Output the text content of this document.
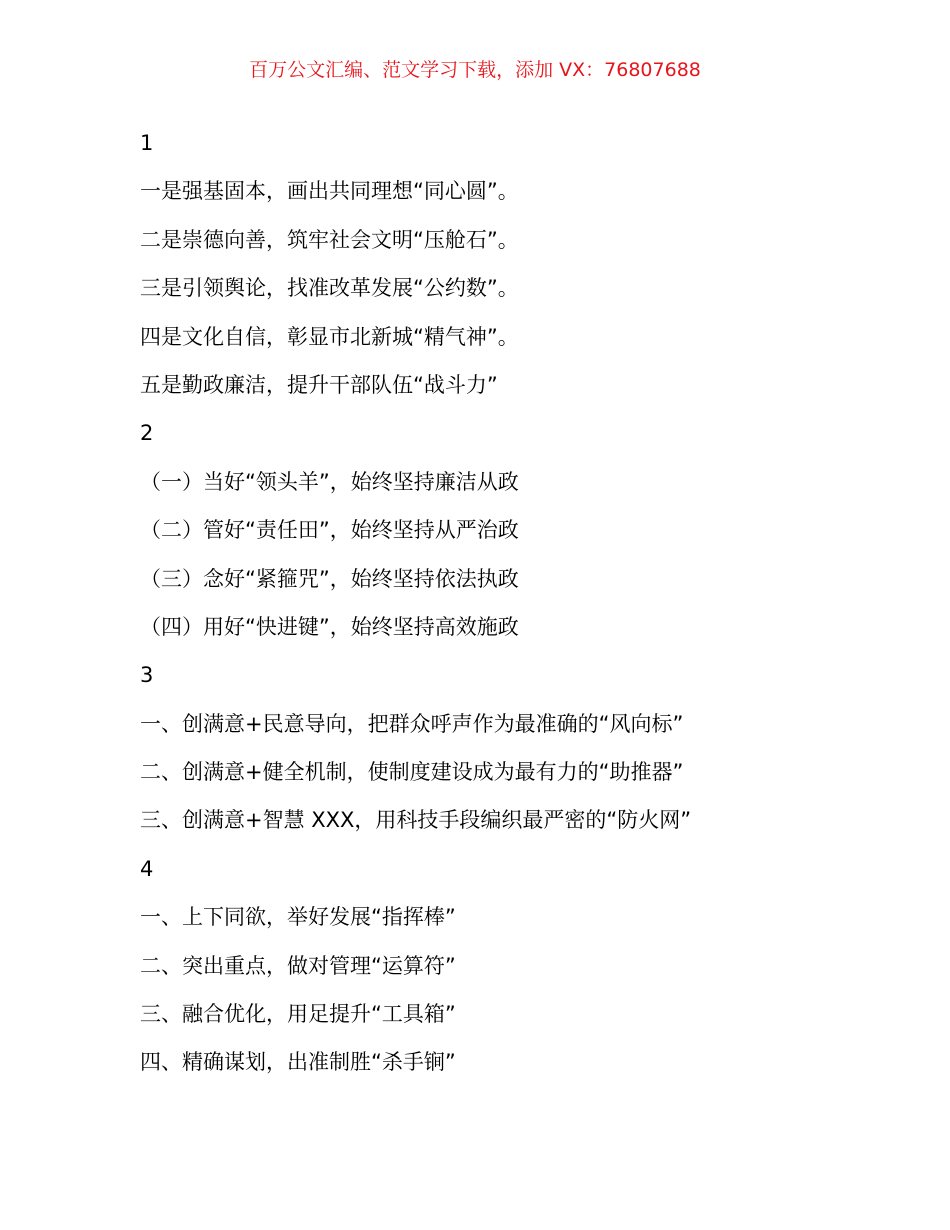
百万公文汇编、范文学习下载，添加 VX：76807688
1
一是强基固本，画出共同理想“同心圆”。
二是崇德向善，筑牢社会文明“压舱石”。
三是引领舆论，找准改革发展“公约数”。
四是文化自信，彰显市北新城“精气神”。
五是勤政廉洁，提升干部队伍“战斗力”
2
（一）当好“领头羊”，始终坚持廉洁从政
（二）管好“责任田”，始终坚持从严治政
（三）念好“紧箍咒”，始终坚持依法执政
（四）用好“快进键”，始终坚持高效施政
3
一、创满意+民意导向，把群众呼声作为最准确的“风向标”
二、创满意+健全机制，使制度建设成为最有力的“助推器”
三、创满意+智慧 XXX，用科技手段编织最严密的“防火网”
4
一、上下同欲，举好发展“指挥棒”
二、突出重点，做对管理“运算符”
三、融合优化，用足提升“工具箱”
四、精确谋划，出准制胜“杀手锏”
